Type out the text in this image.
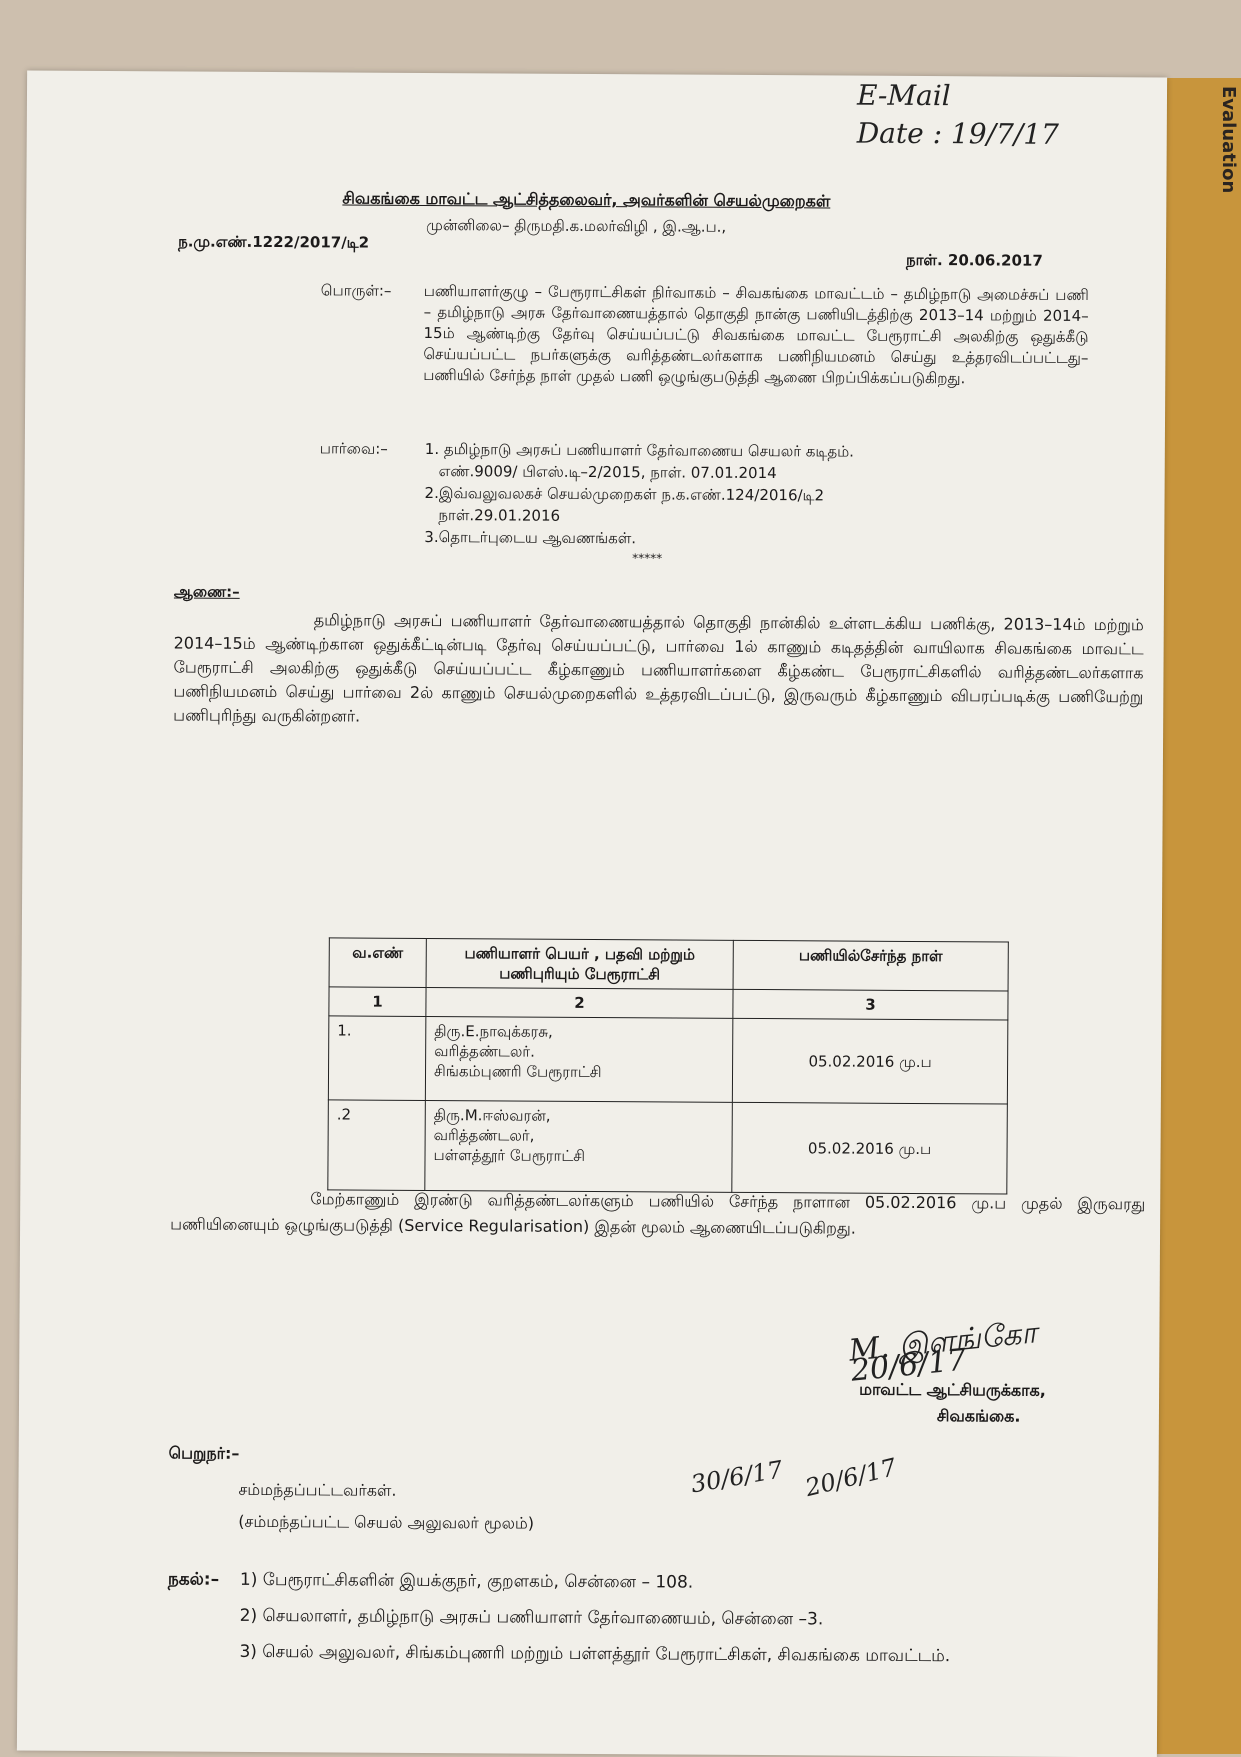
Evaluation
E-Mail
Date : 19/7/17
சிவகங்கை மாவட்ட ஆட்சித்தலைவர், அவர்களின் செயல்முறைகள்
முன்னிலை– திருமதி.க.மலர்விழி , இ.ஆ.ப.,
ந.மு.எண்.1222/2017/டி2
நாள். 20.06.2017
பொருள்:– பணியாளர்குழு – பேரூராட்சிகள் நிர்வாகம் – சிவகங்கை மாவட்டம் – தமிழ்நாடு அமைச்சுப் பணி – தமிழ்நாடு அரசு தேர்வாணையத்தால் தொகுதி நான்கு பணியிடத்திற்கு 2013–14 மற்றும் 2014–15ம் ஆண்டிற்கு தேர்வு செய்யப்பட்டு சிவகங்கை மாவட்ட பேரூராட்சி அலகிற்கு ஒதுக்கீடு செய்யப்பட்ட நபர்களுக்கு வரித்தண்டலர்களாக பணிநியமனம் செய்து உத்தரவிடப்பட்டது– பணியில் சேர்ந்த நாள் முதல் பணி ஒழுங்குபடுத்தி ஆணை பிறப்பிக்கப்படுகிறது.
பார்வை:– 1. தமிழ்நாடு அரசுப் பணியாளர் தேர்வாணைய செயலர் கடிதம்.
எண்.9009/ பிஎஸ்.டி–2/2015, நாள். 07.01.2014
2.இவ்வலுவலகச் செயல்முறைகள் ந.க.எண்.124/2016/டி2
நாள்.29.01.2016
3.தொடர்புடைய ஆவணங்கள்.
*****
ஆணை:–
தமிழ்நாடு அரசுப் பணியாளர் தேர்வாணையத்தால் தொகுதி நான்கில் உள்ளடக்கிய பணிக்கு, 2013–14ம் மற்றும் 2014–15ம் ஆண்டிற்கான ஒதுக்கீட்டின்படி தேர்வு செய்யப்பட்டு, பார்வை 1ல் காணும் கடிதத்தின் வாயிலாக சிவகங்கை மாவட்ட பேரூராட்சி அலகிற்கு ஒதுக்கீடு செய்யப்பட்ட கீழ்காணும் பணியாளர்களை கீழ்கண்ட பேரூராட்சிகளில் வரித்தண்டலர்களாக பணிநியமனம் செய்து பார்வை 2ல் காணும் செயல்முறைகளில் உத்தரவிடப்பட்டு, இருவரும் கீழ்காணும் விபரப்படிக்கு பணியேற்று பணிபுரிந்து வருகின்றனர்.
வ.எண்	பணியாளர் பெயர் , பதவி மற்றும் பணிபுரியும் பேரூராட்சி	பணியில்சேர்ந்த நாள்
1	2	3
1.	திரு.E.நாவுக்கரசு,
வரித்தண்டலர்.
சிங்கம்புணரி பேரூராட்சி	05.02.2016 மு.ப
.2	திரு.M.ஈஸ்வரன்,
வரித்தண்டலர்,
பள்ளத்தூர் பேரூராட்சி	05.02.2016 மு.ப
மேற்காணும் இரண்டு வரித்தண்டலர்களும் பணியில் சேர்ந்த நாளான 05.02.2016 மு.ப முதல் இருவரது பணியினையும் ஒழுங்குபடுத்தி (Service Regularisation) இதன் மூலம் ஆணையிடப்படுகிறது.
M. இளங்கோ 20/6/17
மாவட்ட ஆட்சியருக்காக,
சிவகங்கை.
30/6/17 20/6/17
பெறுநர்:–
சம்மந்தப்பட்டவர்கள்.
(சம்மந்தப்பட்ட செயல் அலுவலர் மூலம்)
நகல்:– 1) பேரூராட்சிகளின் இயக்குநர், குறளகம், சென்னை – 108.
2) செயலாளர், தமிழ்நாடு அரசுப் பணியாளர் தேர்வாணையம், சென்னை –3.
3) செயல் அலுவலர், சிங்கம்புணரி மற்றும் பள்ளத்தூர் பேரூராட்சிகள், சிவகங்கை மாவட்டம்.
